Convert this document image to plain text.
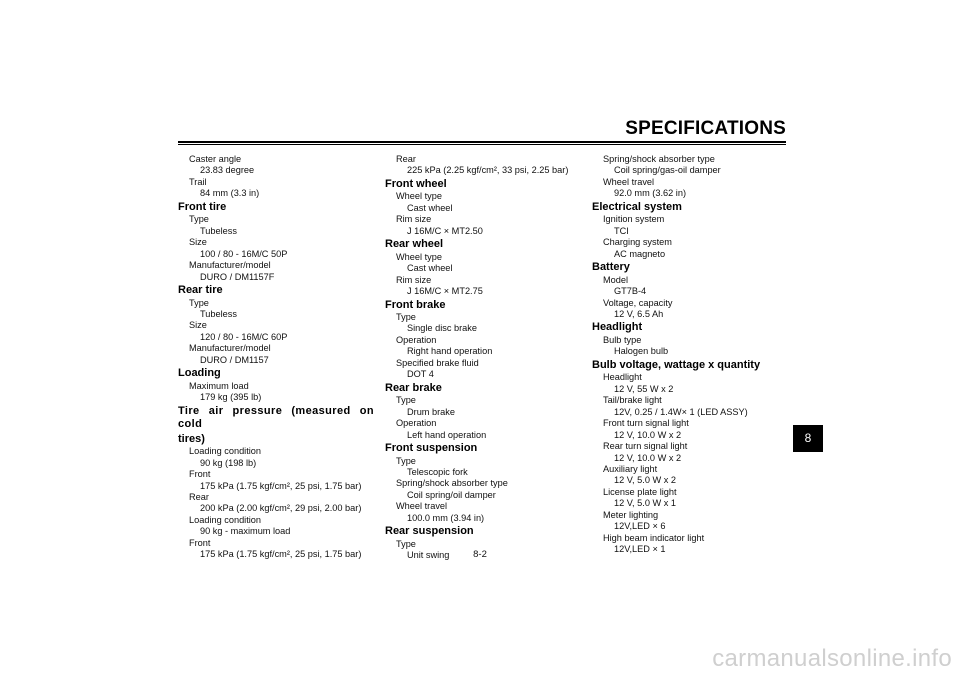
SPECIFICATIONS
Caster angle
23.83 degree
Trail
84 mm (3.3 in)
Front tire
Type
Tubeless
Size
100 / 80 - 16M/C 50P
Manufacturer/model
DURO / DM1157F
Rear tire
Type
Tubeless
Size
120 / 80 - 16M/C 60P
Manufacturer/model
DURO / DM1157
Loading
Maximum load
179 kg (395 lb)
Tire air pressure (measured on cold
tires)
Loading condition
90 kg (198 lb)
Front
175 kPa (1.75 kgf/cm², 25 psi, 1.75 bar)
Rear
200 kPa (2.00 kgf/cm², 29 psi, 2.00 bar)
Loading condition
90 kg - maximum load
Front
175 kPa (1.75 kgf/cm², 25 psi, 1.75 bar)
Rear
225 kPa (2.25 kgf/cm², 33 psi, 2.25 bar)
Front wheel
Wheel type
Cast wheel
Rim size
J 16M/C × MT2.50
Rear wheel
Wheel type
Cast wheel
Rim size
J 16M/C × MT2.75
Front brake
Type
Single disc brake
Operation
Right hand operation
Specified brake fluid
DOT 4
Rear brake
Type
Drum brake
Operation
Left hand operation
Front suspension
Type
Telescopic fork
Spring/shock absorber type
Coil spring/oil damper
Wheel travel
100.0 mm (3.94 in)
Rear suspension
Type
Unit swing
Spring/shock absorber type
Coil spring/gas-oil damper
Wheel travel
92.0 mm (3.62 in)
Electrical system
Ignition system
TCI
Charging system
AC magneto
Battery
Model
GT7B-4
Voltage, capacity
12 V, 6.5 Ah
Headlight
Bulb type
Halogen bulb
Bulb voltage, wattage x quantity
Headlight
12 V, 55 W x 2
Tail/brake light
12V, 0.25 / 1.4W× 1 (LED ASSY)
Front turn signal light
12 V, 10.0 W x 2
Rear turn signal light
12 V, 10.0 W x 2
Auxiliary light
12 V, 5.0 W x 2
License plate light
12 V, 5.0 W x 1
Meter lighting
12V,LED × 6
High beam indicator light
12V,LED × 1
8
8-2
carmanualsonline.info
